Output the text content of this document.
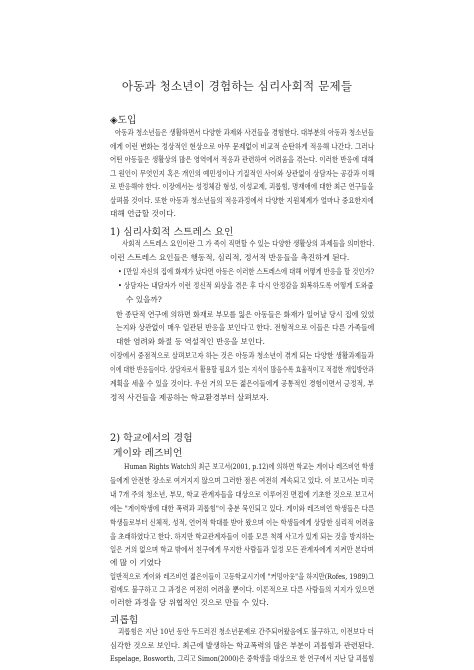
아동과 청소년이 경험하는 심리사회적 문제들
◈도입
아동과 청소년들은 생활하면서 다양한 과제와 사건들을 경험한다. 대부분의 아동과 청소년들
에게 이런 변화는 정상적인 현상으로 아무 문제없이 비교적 순탄하게 적응해 나간다. 그러나
어떤 아동들은 생활상의 많은 영역에서 적응과 관련하여 어려움을 겪는다. 이러한 반응에 대해
그 원인이 무엇인지 혹은 개인의 예민성이나 기질적인 사이와 상관없이 상담자는 공감과 이해
로 반응해야 한다. 이장에서는 성정체감 형성, 이성교제, 괴롭힘, 명재애에 대한 최근 연구들을
살펴볼 것이다. 또한 아동과 청소년들의 적응과정에서 다양한 지원체계가 얼마나 중요한지에
대해 언급할 것이다.
1) 심리사회적 스트레스 요인
사회적 스트레스 요인이란 그 가 족이 직면할 수 있는 다양한 생활상의 과제들을 의미한다.
이런 스트레스 요인들은 행동적, 심리적, 정서적 반응들을 촉진하게 된다.
• [만일 자신의 집에 화재가 났다면 아동은 이러한 스트레스에 대해 어떻게 반응을 할 것인가?
• 상담자는 내담자가 이런 정신적 외상을 겪은 후 다시 안정감을 회복하도록 어떻게 도와줄
수 있을까?
한 종단적 연구에 의하면 화재로 부모를 잃은 아동들은 화재가 일어날 당시 집에 있었
는지와 상관없이 매우 일관된 반응을 보인다고 한다. 전형적으로 이들은 다른 가족들에
대한 염려와 화절 등 역설적인 반응을 보인다.
이장에서 중점적으로 살펴보고자 하는 것은 아동과 청소년이 겪게 되는 다양한 생활과제들과
이에 대한 반응들이다. 상담자로서 활용할 필요가 있는 지식이 많음수록 효율적이고 적절한 개입방안과
계획을 세울 수 있을 것이다. 우선 거의 모든 젊은이들에게 공통적인 경험이면서 긍정적, 부
정적 사건들을 제공하는 학교환경부터 살펴보자.
2) 학교에서의 경험
게이와 레즈비언
Human Rights Watch의 최근 보고서(2001, p.12)에 의하면 학교는 게이나 레즈비언 학생
들에게 안전한 장소로 여겨지지 않으며 그러한 점은 여전히 계속되고 있다. 이 보고서는 미국
내 7개 주의 청소년, 부모, 학교 관계자들을 대상으로 이루어진 면접에 기초한 것으로 보고서
에는 "게이학생에 대한 폭력과 괴롭힘"이 충분 묵인되고 있다. 게이와 레즈비언 학생들은 다른
학생들로부터 신체적, 성적, 언어적 학대를 받아 왔으며 이는 학생들에게 상당한 심리적 어려움
을 초래하였다고 한다. 하지만 학교관계자들이 이를 모른 척해 사고가 있게 되는 것을 방지하는
일은 거의 없으며 학교 밖에서 친구에게 무지한 사람들과 일정 모든 관계자에게 지켜만 본다며
에 많 이 기였다
일반적으로 게이와 레즈비언 젊은이들이 고등학교시기에 "커밍아웃"을 하지만(Rofes, 1989)그
럼에도 불구하고 그 과정은 여전히 어려울 뿐이다. 이론적으로 다른 사람들의 지지가 있으면
이러한 과정을 당 위협적인 것으로 만들 수 있다.
괴롭힘
괴롭힘은 지난 10년 동안 두드러진 청소년문제로 간주되어왔음에도 불구하고, 이전보다 더
심각한 것으로 보인다. 최근에 발생하는 학교폭력의 많은 부분이 괴롭힘과 관련된다.
Espelage, Bosworth, 그리고 Simon(2000)은 중학생을 대상으로 한 연구에서 지난 달 괴롭힘
